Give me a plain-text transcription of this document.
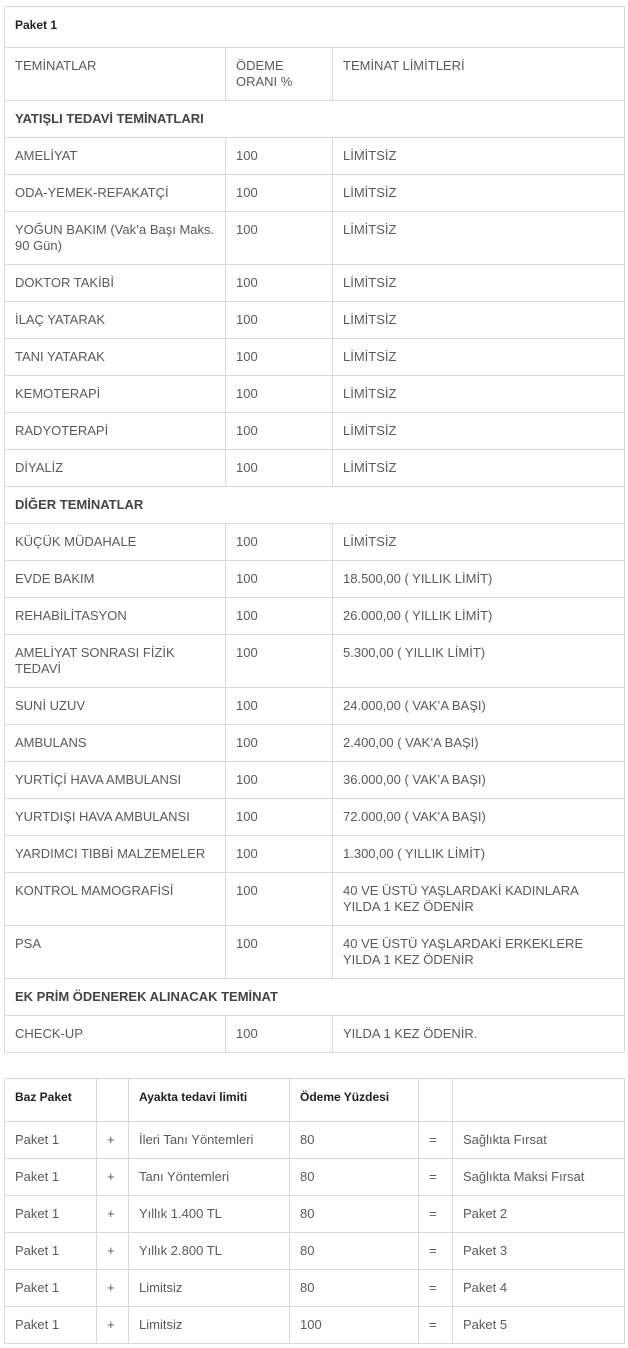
Paket 1		
TEMİNATLAR	ÖDEME ORANI %	TEMİNAT LİMİTLERİ
YATIŞLI TEDAVİ TEMİNATLARI		
AMELİYAT	100	LİMİTSİZ
ODA-YEMEK-REFAKATÇİ	100	LİMİTSİZ
YOĞUN BAKIM (Vak’a Başı Maks. 90 Gün)	100	LİMİTSİZ
DOKTOR TAKİBİ	100	LİMİTSİZ
İLAÇ YATARAK	100	LİMİTSİZ
TANI YATARAK	100	LİMİTSİZ
KEMOTERAPİ	100	LİMİTSİZ
RADYOTERAPİ	100	LİMİTSİZ
DİYALİZ	100	LİMİTSİZ
DİĞER TEMİNATLAR		
KÜÇÜK MÜDAHALE	100	LİMİTSİZ
EVDE BAKIM	100	18.500,00 ( YILLIK LİMİT)
REHABİLİTASYON	100	26.000,00 ( YILLIK LİMİT)
AMELİYAT SONRASI FİZİK TEDAVİ	100	5.300,00 ( YILLIK LİMİT)
SUNİ UZUV	100	24.000,00 ( VAK’A BAŞI)
AMBULANS	100	2.400,00 ( VAK’A BAŞI)
YURTİÇİ HAVA AMBULANSI	100	36.000,00 ( VAK’A BAŞI)
YURTDIŞI HAVA AMBULANSI	100	72.000,00 ( VAK’A BAŞI)
YARDIMCI TIBBİ MALZEMELER	100	1.300,00 ( YILLIK LİMİT)
KONTROL MAMOGRAFİSİ	100	40 VE ÜSTÜ YAŞLARDAKİ KADINLARA YILDA 1 KEZ ÖDENİR
PSA	100	40 VE ÜSTÜ YAŞLARDAKİ ERKEKLERE YILDA 1 KEZ ÖDENİR
EK PRİM ÖDENEREK ALINACAK TEMİNAT		
CHECK-UP	100	YILDA 1 KEZ ÖDENİR.
Baz Paket		Ayakta tedavi limiti	Ödeme Yüzdesi		
Paket 1	+	İleri Tanı Yöntemleri	80	=	Sağlıkta Fırsat
Paket 1	+	Tanı Yöntemleri	80	=	Sağlıkta Maksi Fırsat
Paket 1	+	Yıllık 1.400 TL	80	=	Paket 2
Paket 1	+	Yıllık 2.800 TL	80	=	Paket 3
Paket 1	+	Limitsiz	80	=	Paket 4
Paket 1	+	Limitsiz	100	=	Paket 5
